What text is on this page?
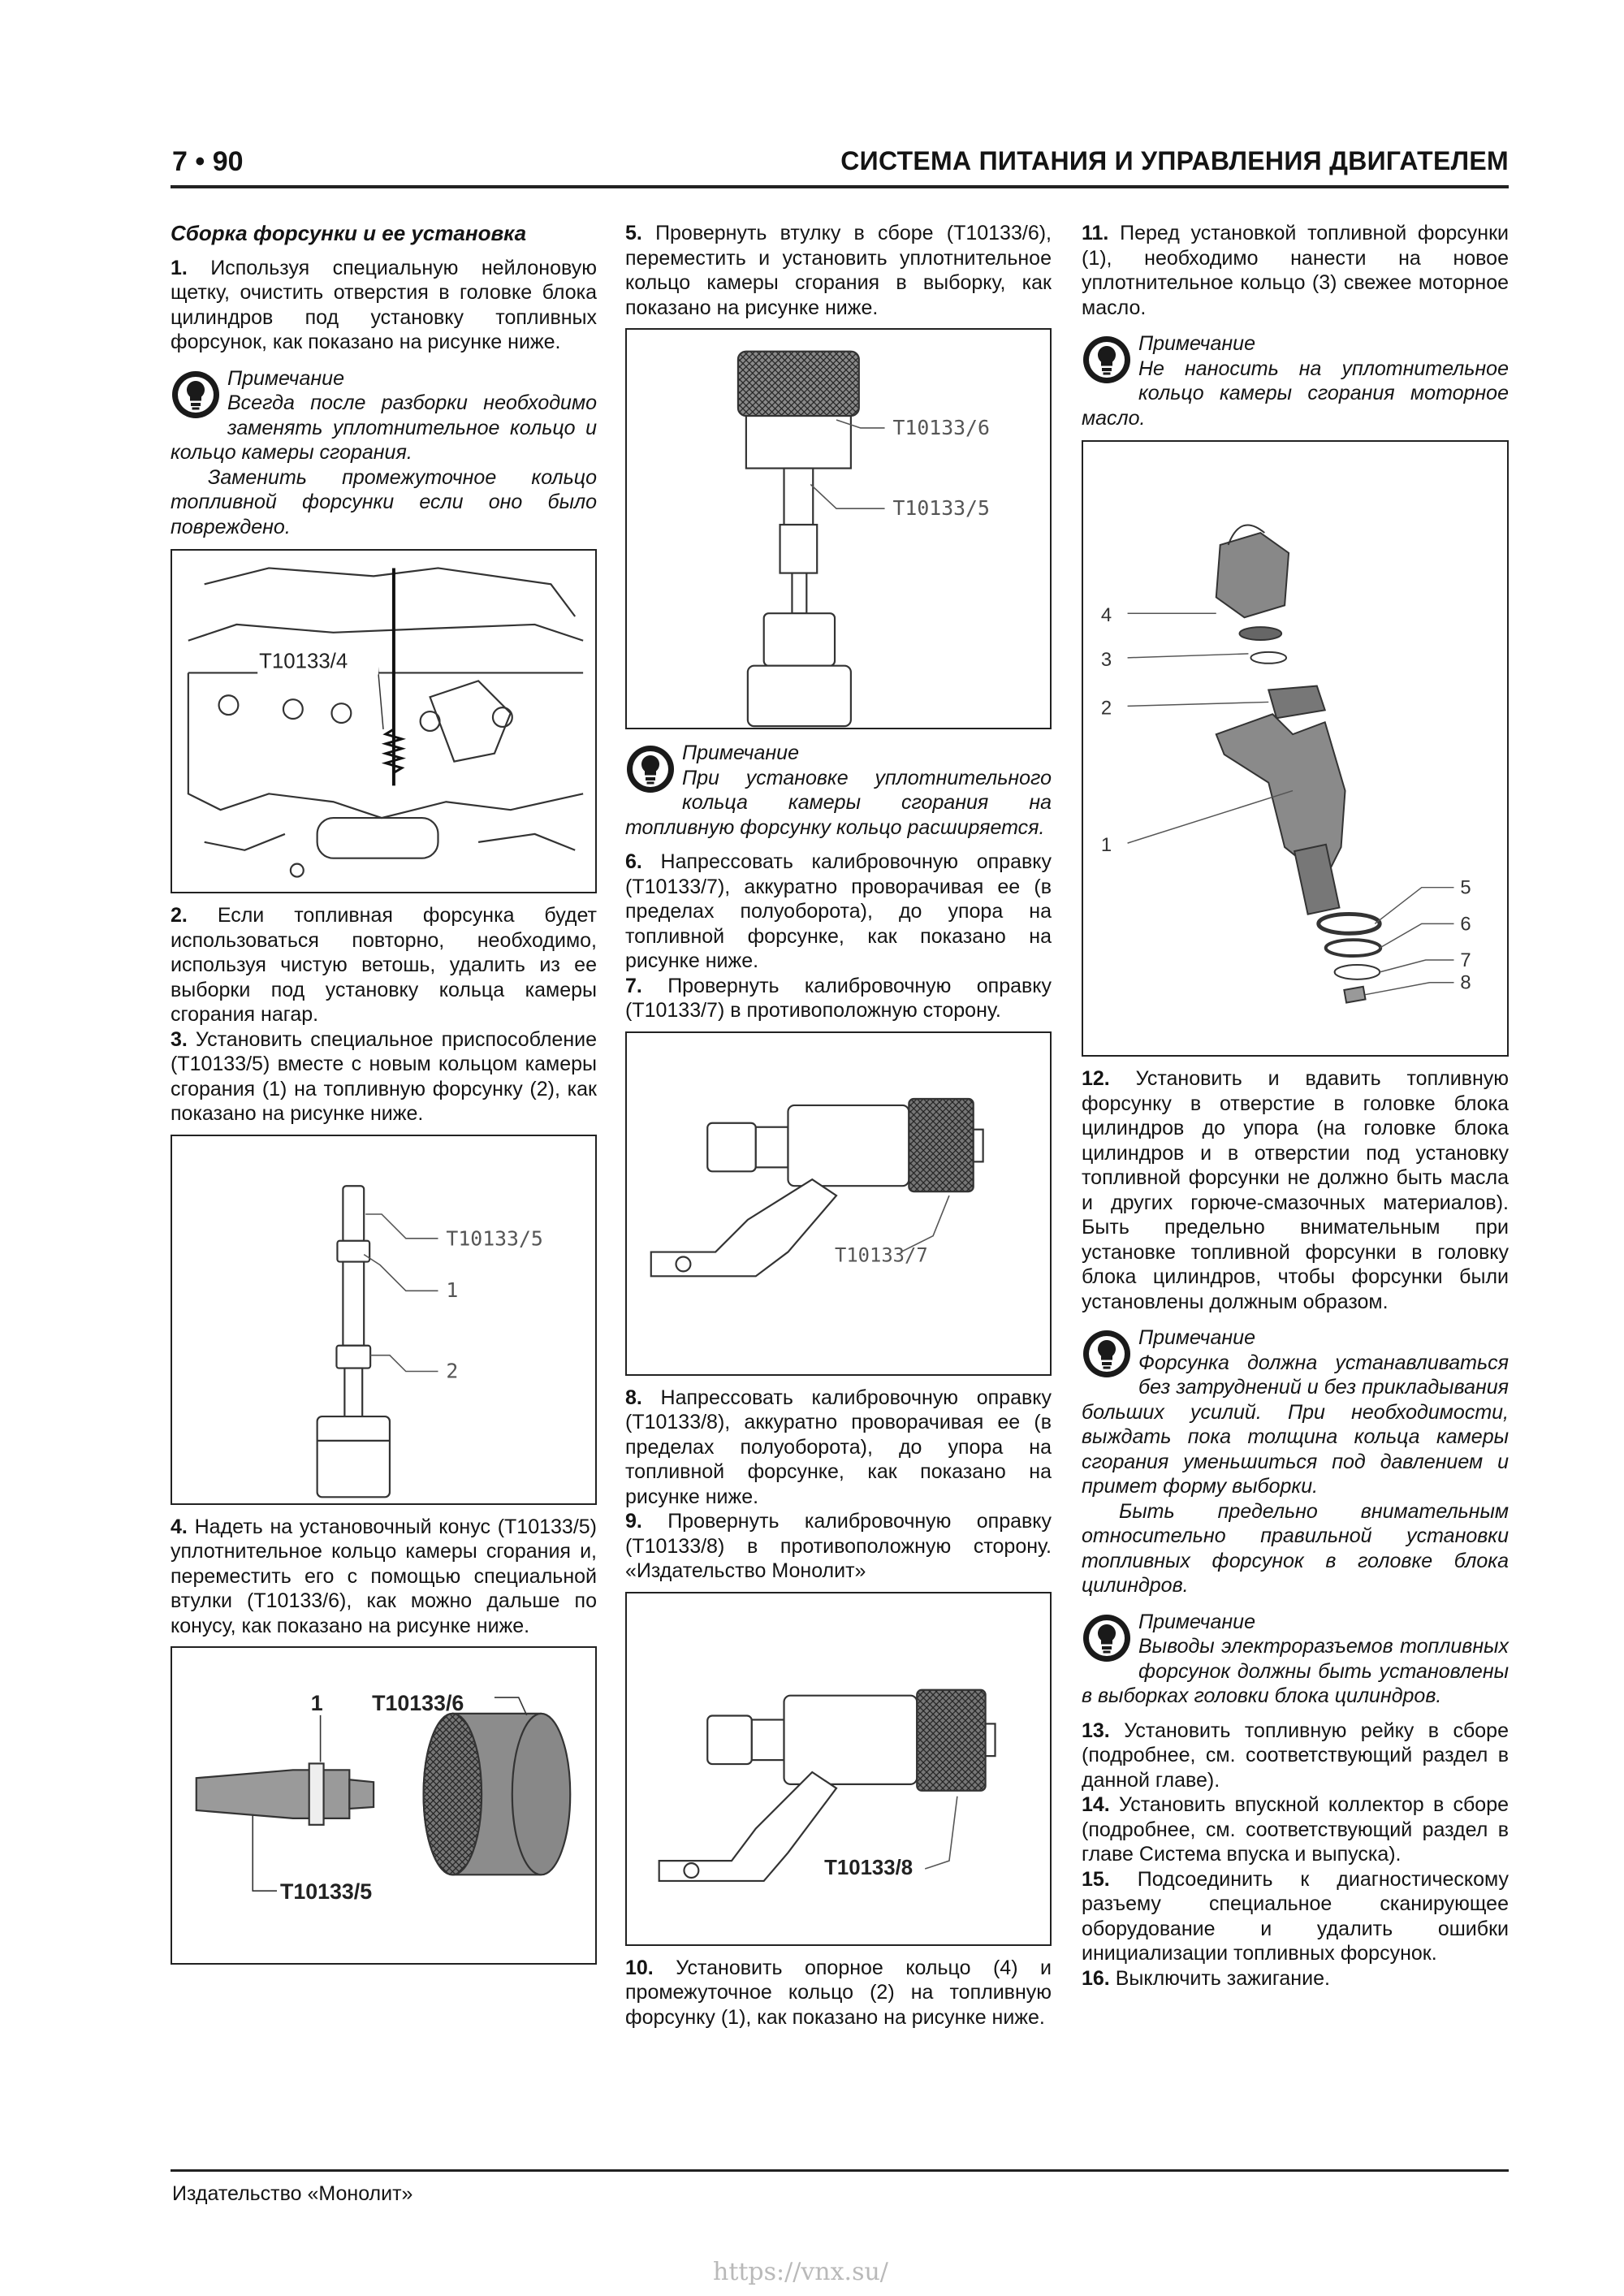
7 • 90	СИСТЕМА ПИТАНИЯ И УПРАВЛЕНИЯ ДВИГАТЕЛЕМ
Сборка форсунки и ее установка

1. Используя специальную нейлоновую щетку, очистить отверстия в головке блока цилиндров под установку топливных форсунок, как показано на рисунке ниже.

Примечание

Всегда после разборки необходимо заменять уплотнительное кольцо и кольцо камеры сгорания.

Заменить промежуточное кольцо топливной форсунки если оно было повреждено.

T10133/4

2. Если топливная форсунка будет использоваться повторно, необходимо, используя чистую ветошь, удалить из ее выборки под установку кольца камеры сгорания нагар.

3. Установить специальное приспособление (T10133/5) вместе с новым кольцом камеры сгорания (1) на топливную форсунку (2), как показано на рисунке ниже.

T10133/5
1
2

4. Надеть на установочный конус (T10133/5) уплотнительное кольцо камеры сгорания и, переместить его с помощью специальной втулки (T10133/6), как можно дальше по конусу, как показано на рисунке ниже.

1 T10133/6
T10133/5

5. Провернуть втулку в сборе (T10133/6), переместить и установить уплотнительное кольцо камеры сгорания в выборку, как показано на рисунке ниже.

T10133/6
T10133/5
Примечание

При установке уплотнительного кольца камеры сгорания на топливную форсунку кольцо расширяется.

6. Напрессовать калибровочную оправку (T10133/7), аккуратно проворачивая ее (в пределах полуоборота), до упора на топливной форсунке, как показано на рисунке ниже.

7. Провернуть калибровочную оправку (T10133/7) в противоположную сторону.

T10133/7

8. Напрессовать калибровочную оправку (T10133/8), аккуратно проворачивая ее (в пределах полуоборота), до упора на топливной форсунке, как показано на рисунке ниже.

9. Провернуть калибровочную оправку (T10133/8) в противоположную сторону. «Издательство Монолит»

T10133/8

10. Установить опорное кольцо (4) и промежуточное кольцо (2) на топливную форсунку (1), как показано на рисунке ниже.

11. Перед установкой топливной форсунки (1), необходимо нанести на новое уплотнительное кольцо (3) свежее моторное масло.

Примечание

Не наносить на уплотнительное кольцо камеры сгорания моторное масло.

4
3
2
1
5
6
7
8

12. Установить и вдавить топливную форсунку в отверстие в головке блока цилиндров до упора (на головке блока цилиндров и в отверстии под установку топливной форсунки не должно быть масла и других горюче-смазочных материалов). Быть предельно внимательным при установке топливной форсунки в головку блока цилиндров, чтобы форсунки были установлены должным образом.

Примечание

Форсунка должна устанавливаться без затруднений и без прикладывания больших усилий. При необходимости, выждать пока толщина кольца камеры сгорания уменьшиться под давлением и примет форму выборки.

Быть предельно внимательным относительно правильной установки топливных форсунок в головке блока цилиндров.

Примечание

Выводы электроразъемов топливных форсунок должны быть установлены в выборках головки блока цилиндров.

13. Установить топливную рейку в сборе (подробнее, см. соответствующий раздел в данной главе).

14. Установить впускной коллектор в сборе (подробнее, см. соответствующий раздел в главе Система впуска и выпуска).

15. Подсоединить к диагностическому разъему специальное сканирующее оборудование и удалить ошибки инициализации топливных форсунок.

16. Выключить зажигание.

Издательство «Монолит»
https://vnx.su/
